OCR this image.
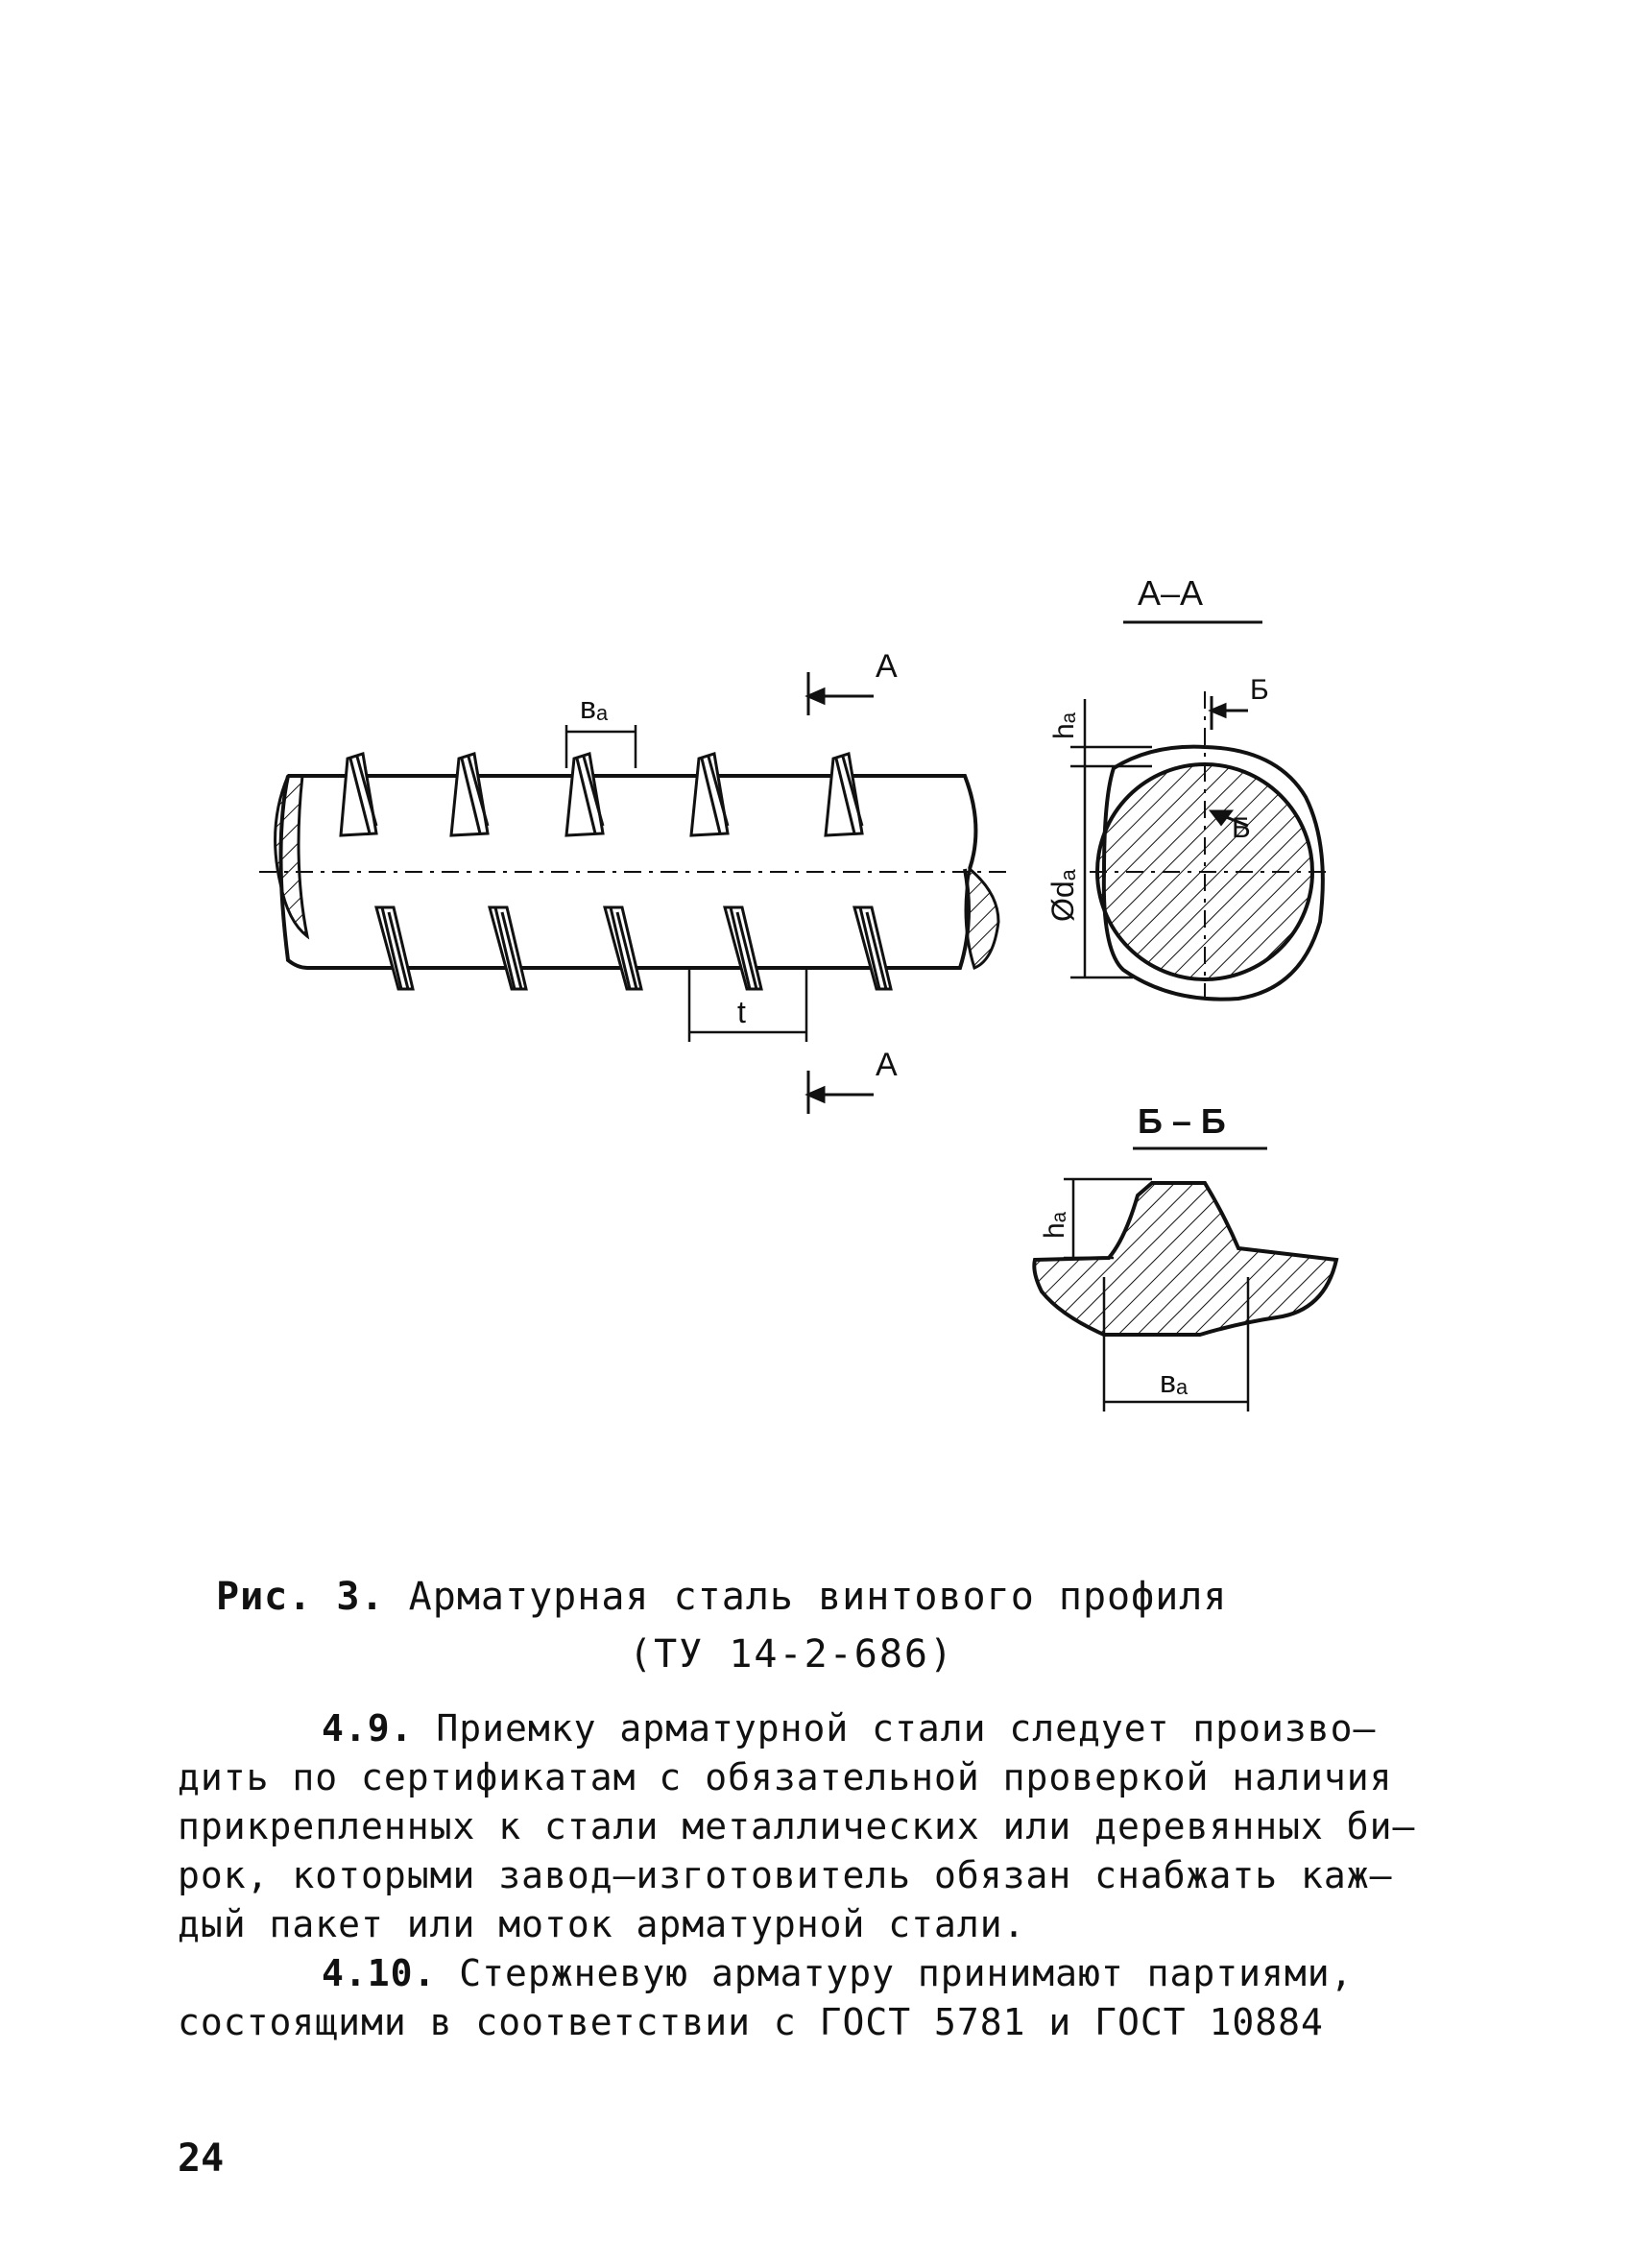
вₐ
t
А
А
А–А
hₐ
Ødₐ
Б
Б
Б – Б
hₐ
вₐ
Рис. 3. Арматурная сталь винтового профиля
(ТУ 14-2-686)
4.9. Приемку арматурной стали следует произво–
дить по сертификатам с обязательной проверкой наличия
прикрепленных к стали металлических или деревянных би–
рок, которыми завод–изготовитель обязан снабжать каж–
дый пакет или моток арматурной стали.
4.10. Стержневую арматуру принимают партиями,
состоящими в соответствии с ГОСТ 5781 и ГОСТ 10884
24
